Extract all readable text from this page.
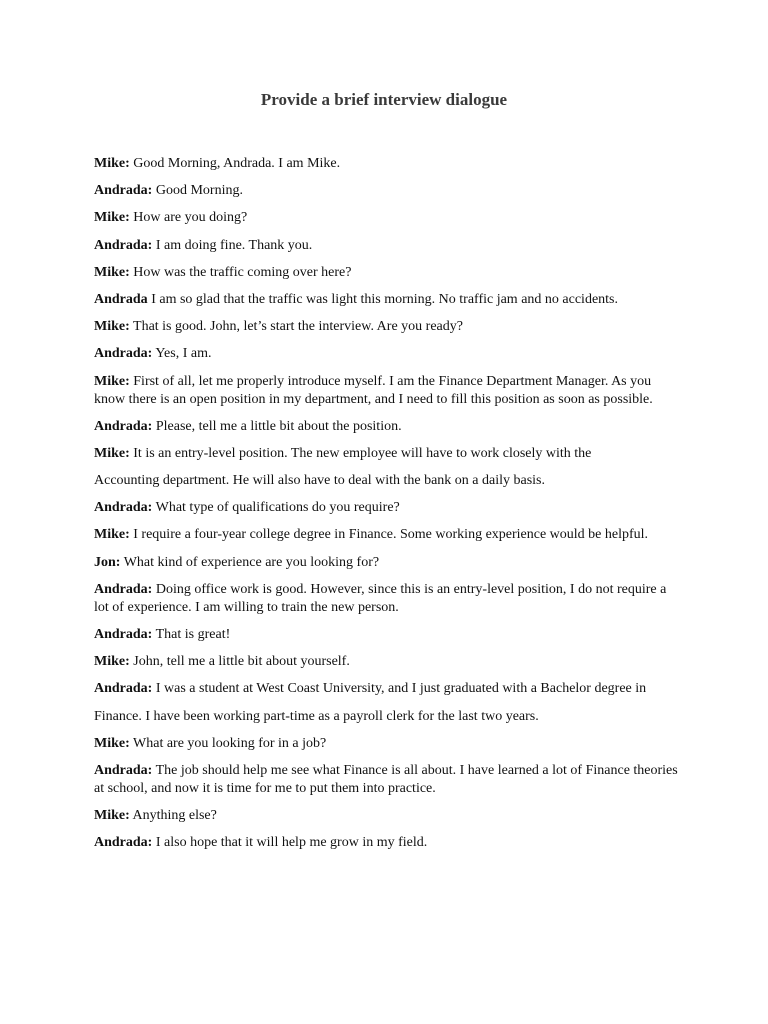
Provide a brief interview dialogue

Mike: Good Morning, Andrada. I am Mike.

Andrada: Good Morning.

Mike: How are you doing?

Andrada: I am doing fine. Thank you.

Mike: How was the traffic coming over here?

Andrada I am so glad that the traffic was light this morning. No traffic jam and no accidents.

Mike: That is good. John, let’s start the interview. Are you ready?

Andrada: Yes, I am.

Mike: First of all, let me properly introduce myself. I am the Finance Department Manager. As you know there is an open position in my department, and I need to fill this position as soon as possible.

Andrada: Please, tell me a little bit about the position.

Mike: It is an entry-level position. The new employee will have to work closely with the

Accounting department. He will also have to deal with the bank on a daily basis.

Andrada: What type of qualifications do you require?

Mike: I require a four-year college degree in Finance. Some working experience would be helpful.

Jon: What kind of experience are you looking for?

Andrada: Doing office work is good. However, since this is an entry-level position, I do not require a lot of experience. I am willing to train the new person.

Andrada: That is great!

Mike: John, tell me a little bit about yourself.

Andrada: I was a student at West Coast University, and I just graduated with a Bachelor degree in

Finance. I have been working part-time as a payroll clerk for the last two years.

Mike: What are you looking for in a job?

Andrada: The job should help me see what Finance is all about. I have learned a lot of Finance theories at school, and now it is time for me to put them into practice.

Mike: Anything else?

Andrada: I also hope that it will help me grow in my field.
